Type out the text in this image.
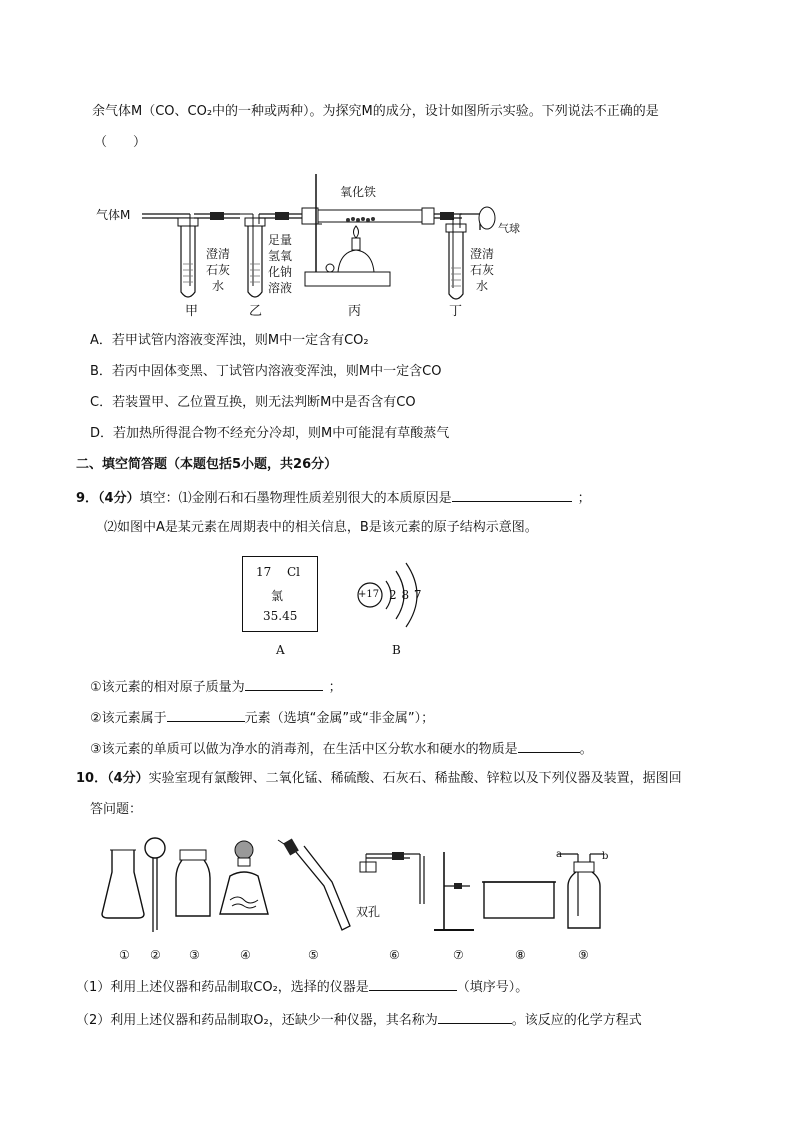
余气体M（CO、CO₂中的一种或两种）。为探究M的成分，设计如图所示实验。下列说法不正确的是
（　　）
气体M
氧化铁
气球
澄清
石灰
水
足量
氢氧
化钠
溶液
澄清
石灰
水
甲	乙	丙	丁
A．若甲试管内溶液变浑浊，则M中一定含有CO₂
B．若丙中固体变黑、丁试管内溶液变浑浊，则M中一定含CO
C．若装置甲、乙位置互换，则无法判断M中是否含有CO
D．若加热所得混合物不经充分冷却，则M中可能混有草酸蒸气
二、填空简答题（本题包括5小题，共26分）
9．（4分）填空：⑴金刚石和石墨物理性质差别很大的本质原因是	；
⑵如图中A是某元素在周期表中的相关信息，B是该元素的原子结构示意图。
17 Cl
氯
35.45
A
+17 2 8 7
B
①该元素的相对原子质量为	；
②该元素属于	元素（选填“金属”或“非金属”）；
③该元素的单质可以做为净水的消毒剂，在生活中区分软水和硬水的物质是	。
10．（4分）实验室现有氯酸钾、二氧化锰、稀硫酸、石灰石、稀盐酸、锌粒以及下列仪器及装置，据图回
答问题：
a	b
双孔
① ② ③	④	⑤	⑥	⑦	⑧	⑨
（1）利用上述仪器和药品制取CO₂，选择的仪器是	（填序号）。
（2）利用上述仪器和药品制取O₂，还缺少一种仪器，其名称为	。该反应的化学方程式
